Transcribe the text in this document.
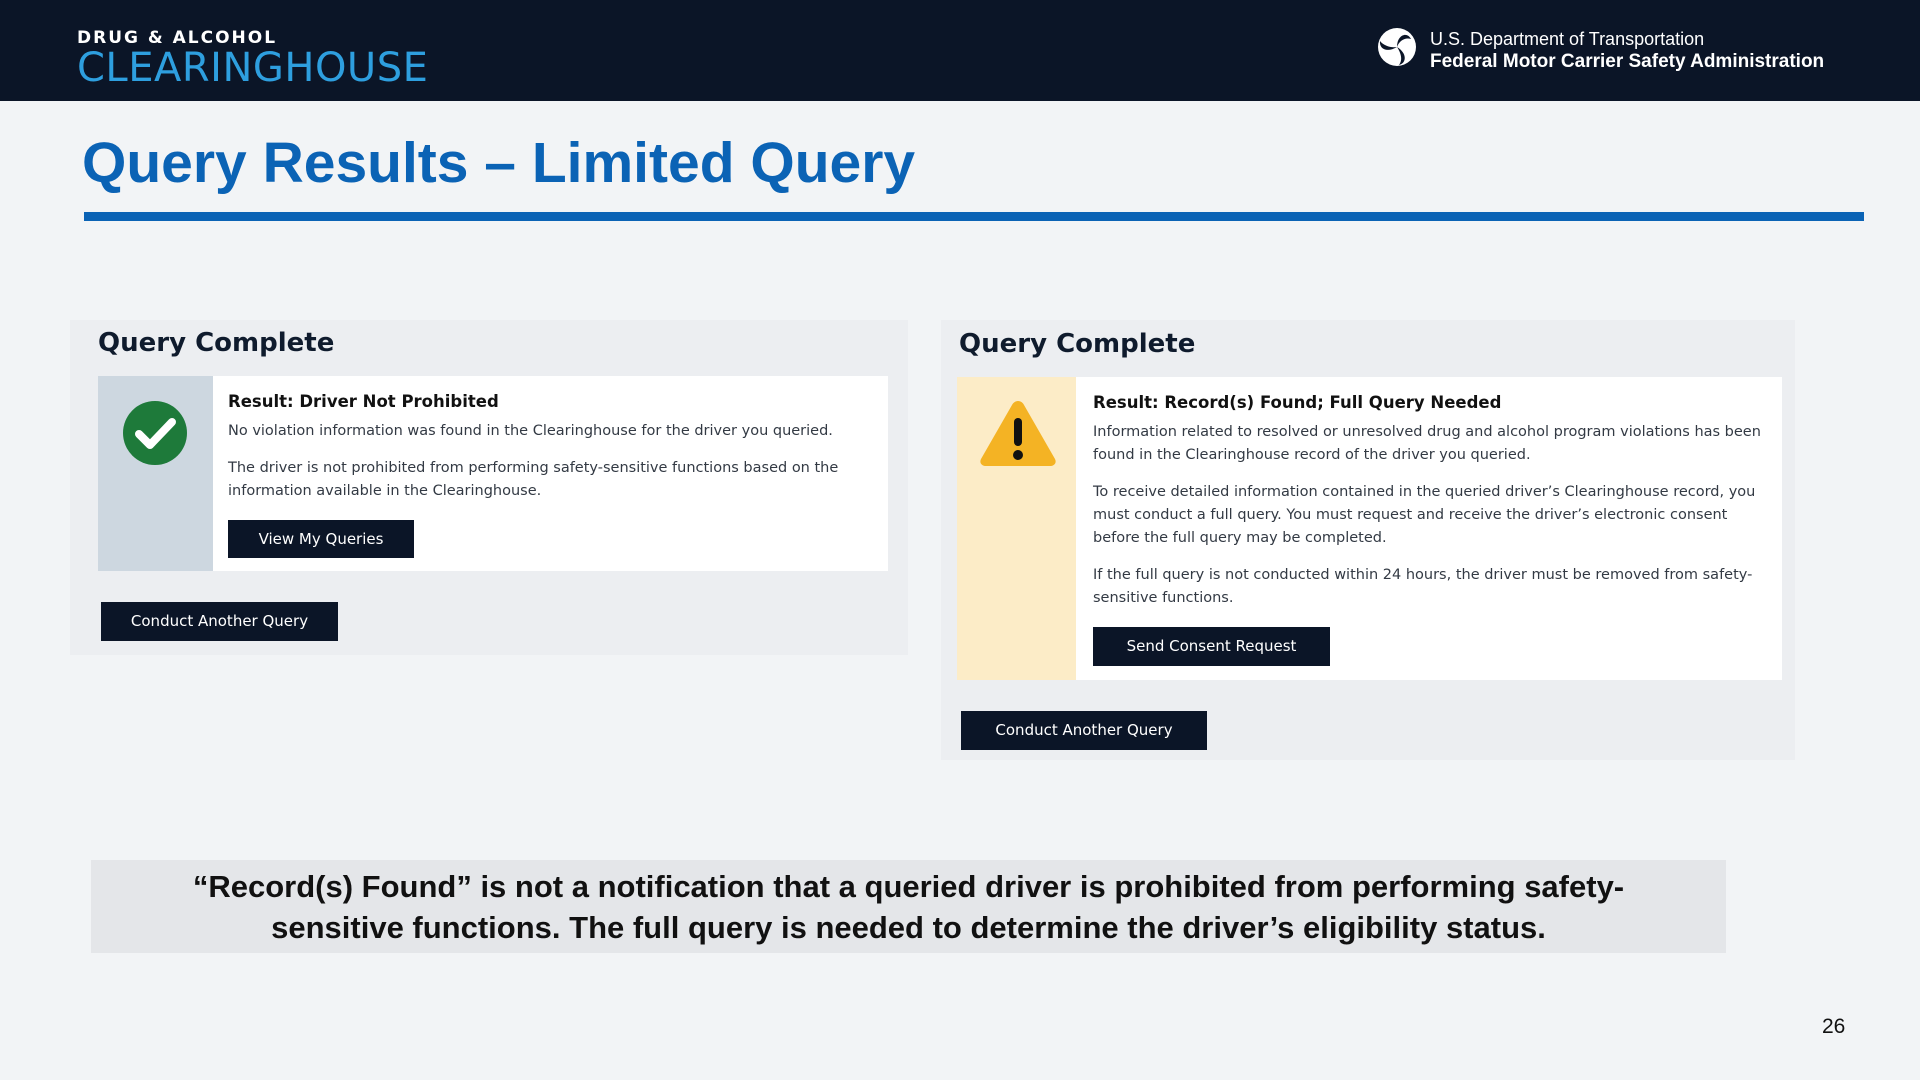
DRUG & ALCOHOL
CLEARINGHOUSE
U.S. Department of Transportation
Federal Motor Carrier Safety Administration
Query Results – Limited Query
Query Complete
Result: Driver Not Prohibited

No violation information was found in the Clearinghouse for the driver you queried.

The driver is not prohibited from performing safety-sensitive functions based on the information available in the Clearinghouse.

View My Queries
Conduct Another Query
Query Complete
Result: Record(s) Found; Full Query Needed

Information related to resolved or unresolved drug and alcohol program violations has been found in the Clearinghouse record of the driver you queried.

To receive detailed information contained in the queried driver’s Clearinghouse record, you must conduct a full query. You must request and receive the driver’s electronic consent before the full query may be completed.

If the full query is not conducted within 24 hours, the driver must be removed from safety-sensitive functions.

Send Consent Request
Conduct Another Query

“Record(s) Found” is not a notification that a queried driver is prohibited from performing safety-

sensitive functions. The full query is needed to determine the driver’s eligibility status.

26
